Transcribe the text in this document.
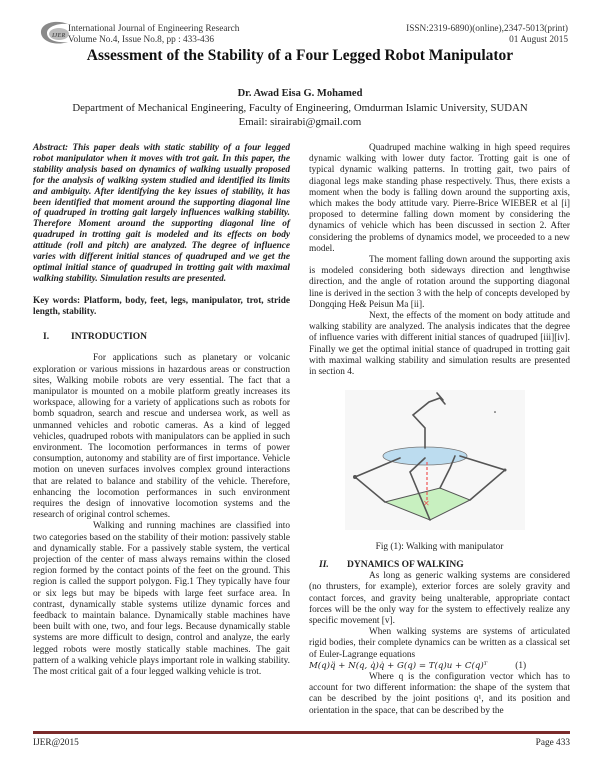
IJER
International Journal of Engineering Research
Volume No.4, Issue No.8, pp : 433-436
ISSN:2319-6890)(online),2347-5013(print)
01 August 2015
Assessment of the Stability of a Four Legged Robot Manipulator
Dr. Awad Eisa G. Mohamed
Department of Mechanical Engineering, Faculty of Engineering, Omdurman Islamic University, SUDAN
Email: sirairabi@gmail.com

Abstract: This paper deals with static stability of a four legged robot manipulator when it moves with trot gait. In this paper, the stability analysis based on dynamics of walking usually proposed for the analysis of walking system studied and identified its limits and ambiguity. After identifying the key issues of stability, it has been identified that moment around the supporting diagonal line of quadruped in trotting gait largely influences walking stability. Therefore Moment around the supporting diagonal line of quadruped in trotting gait is modeled and its effects on body attitude (roll and pitch) are analyzed. The degree of influence varies with different initial stances of quadruped and we get the optimal initial stance of quadruped in trotting gait with maximal walking stability. Simulation results are presented.

Key words: Platform, body, feet, legs, manipulator, trot, stride length, stability.

I. INTRODUCTION

For applications such as planetary or volcanic exploration or various missions in hazardous areas or construction sites, Walking mobile robots are very essential. The fact that a manipulator is mounted on a mobile platform greatly increases its workspace, allowing for a variety of applications such as robots for bomb squadron, search and rescue and undersea work, as well as unmanned vehicles and robotic cameras. As a kind of legged vehicles, quadruped robots with manipulators can be applied in such environment. The locomotion performances in terms of power consumption, autonomy and stability are of first importance. Vehicle motion on uneven surfaces involves complex ground interactions that are related to balance and stability of the vehicle. Therefore, enhancing the locomotion performances in such environment requires the design of innovative locomotion systems and the research of original control schemes.

Walking and running machines are classified into two categories based on the stability of their motion: passively stable and dynamically stable. For a passively stable system, the vertical projection of the center of mass always remains within the closed region formed by the contact points of the feet on the ground. This region is called the support polygon. Fig.1 They typically have four or six legs but may be bipeds with large feet surface area. In contrast, dynamically stable systems utilize dynamic forces and feedback to maintain balance. Dynamically stable machines have been built with one, two, and four legs. Because dynamically stable systems are more difficult to design, control and analyze, the early legged robots were mostly statically stable machines. The gait pattern of a walking vehicle plays important role in walking stability. The most critical gait of a four legged walking vehicle is trot.

Quadruped machine walking in high speed requires dynamic walking with lower duty factor. Trotting gait is one of typical dynamic walking patterns. In trotting gait, two pairs of diagonal legs make standing phase respectively. Thus, there exists a moment when the body is falling down around the supporting axis, which makes the body attitude vary. Pierre-Brice WIEBER et al [i] proposed to determine falling down moment by considering the dynamics of vehicle which has been discussed in section 2. After considering the problems of dynamics model, we proceeded to a new model.

The moment falling down around the supporting axis is modeled considering both sideways direction and lengthwise direction, and the angle of rotation around the supporting diagonal line is derived in the section 3 with the help of concepts developed by Dongqing He& Peisun Ma [ii].

Next, the effects of the moment on body attitude and walking stability are analyzed. The analysis indicates that the degree of influence varies with different initial stances of quadruped [iii][iv]. Finally we get the optimal initial stance of quadruped in trotting gait with maximal walking stability and simulation results are presented in section 4.

✕
Fig (1): Walking with manipulator

II. DYNAMICS OF WALKING

As long as generic walking systems are considered (no thrusters, for example), exterior forces are solely gravity and contact forces, and gravity being unalterable, appropriate contact forces will be the only way for the system to effectively realize any specific movement [v].

When walking systems are systems of articulated rigid bodies, their complete dynamics can be written as a classical set of Euler-Lagrange equations

M(q)q̈ + N(q, q̇)q̇ + G(q) = T(q)u + C(q)ᵀ	(1)

Where q is the configuration vector which has to account for two different information: the shape of the system that can be described by the joint positions q¹, and its position and orientation in the space, that can be described by the

IJER@2015	Page 433
